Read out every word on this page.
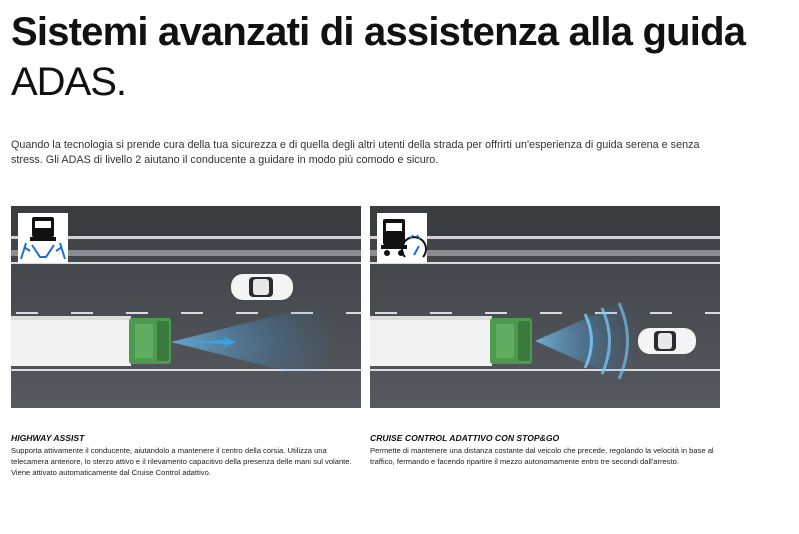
Sistemi avanzati di assistenza alla guida
ADAS.
Quando la tecnologia si prende cura della tua sicurezza e di quella degli altri utenti della strada per offrirti un'esperienza di guida serena e senza stress. Gli ADAS di livello 2 aiutano il conducente a guidare in modo più comodo e sicuro.
HIGHWAY ASSIST
Supporta attivamente il conducente, aiutandolo a mantenere il centro della corsia. Utilizza una telecamera anteriore, lo sterzo attivo e il rilevamento capacitivo della presenza delle mani sul volante. Viene attivato automaticamente dal Cruise Control adattivo.
CRUISE CONTROL ADATTIVO CON STOP&GO
Permette di mantenere una distanza costante dal veicolo che precede, regolando la velocità in base al traffico, fermando e facendo ripartire il mezzo autonomamente entro tre secondi dall'arresto.
